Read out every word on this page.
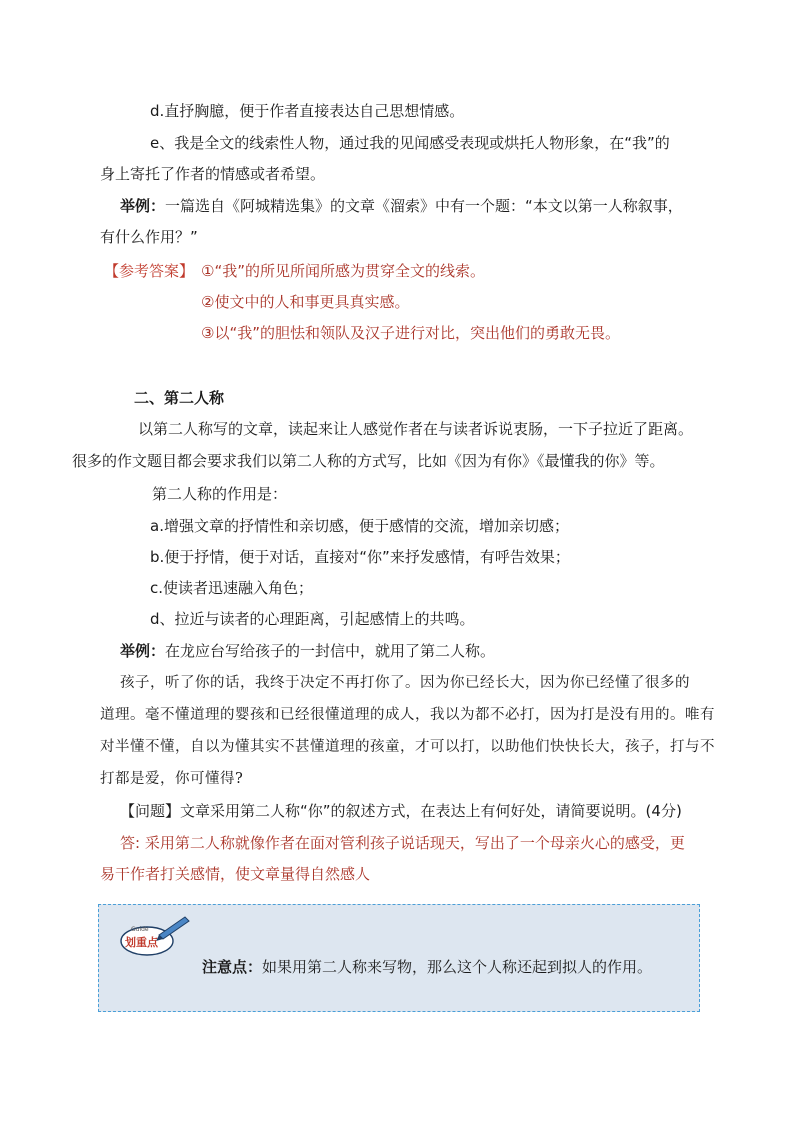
d.直抒胸臆，便于作者直接表达自己思想情感。
e、我是全文的线索性人物，通过我的见闻感受表现或烘托人物形象，在“我”的
身上寄托了作者的情感或者希望。
举例：一篇选自《阿城精选集》的文章《溜索》中有一个题：“本文以第一人称叙事，
有什么作用？”
【参考答案】 ①“我”的所见所闻所感为贯穿全文的线索。
②使文中的人和事更具真实感。
③以“我”的胆怯和领队及汉子进行对比，突出他们的勇敢无畏。
二、第二人称
以第二人称写的文章，读起来让人感觉作者在与读者诉说衷肠，一下子拉近了距离。
很多的作文题目都会要求我们以第二人称的方式写，比如《因为有你》《最懂我的你》等。
第二人称的作用是：
a.增强文章的抒情性和亲切感，便于感情的交流，增加亲切感；
b.便于抒情，便于对话，直接对“你”来抒发感情，有呼告效果；
c.使读者迅速融入角色；
d、拉近与读者的心理距离，引起感情上的共鸣。
举例：在龙应台写给孩子的一封信中，就用了第二人称。
孩子，听了你的话，我终于决定不再打你了。因为你已经长大，因为你已经懂了很多的
道理。毫不懂道理的婴孩和已经很懂道理的成人，我以为都不必打，因为打是没有用的。唯有
对半懂不懂，自以为懂其实不甚懂道理的孩童，才可以打，以助他们快快长大，孩子，打与不
打都是爱，你可懂得?
【问题】文章采用第二人称“你”的叙述方式，在表达上有何好处，请简要说明。(4分)
答: 采用第二人称就像作者在面对管利孩子说话现天，写出了一个母亲火心的感受，更
易干作者打关感情，使文章量得自然感人
Guide
划重点
注意点：如果用第二人称来写物，那么这个人称还起到拟人的作用。
